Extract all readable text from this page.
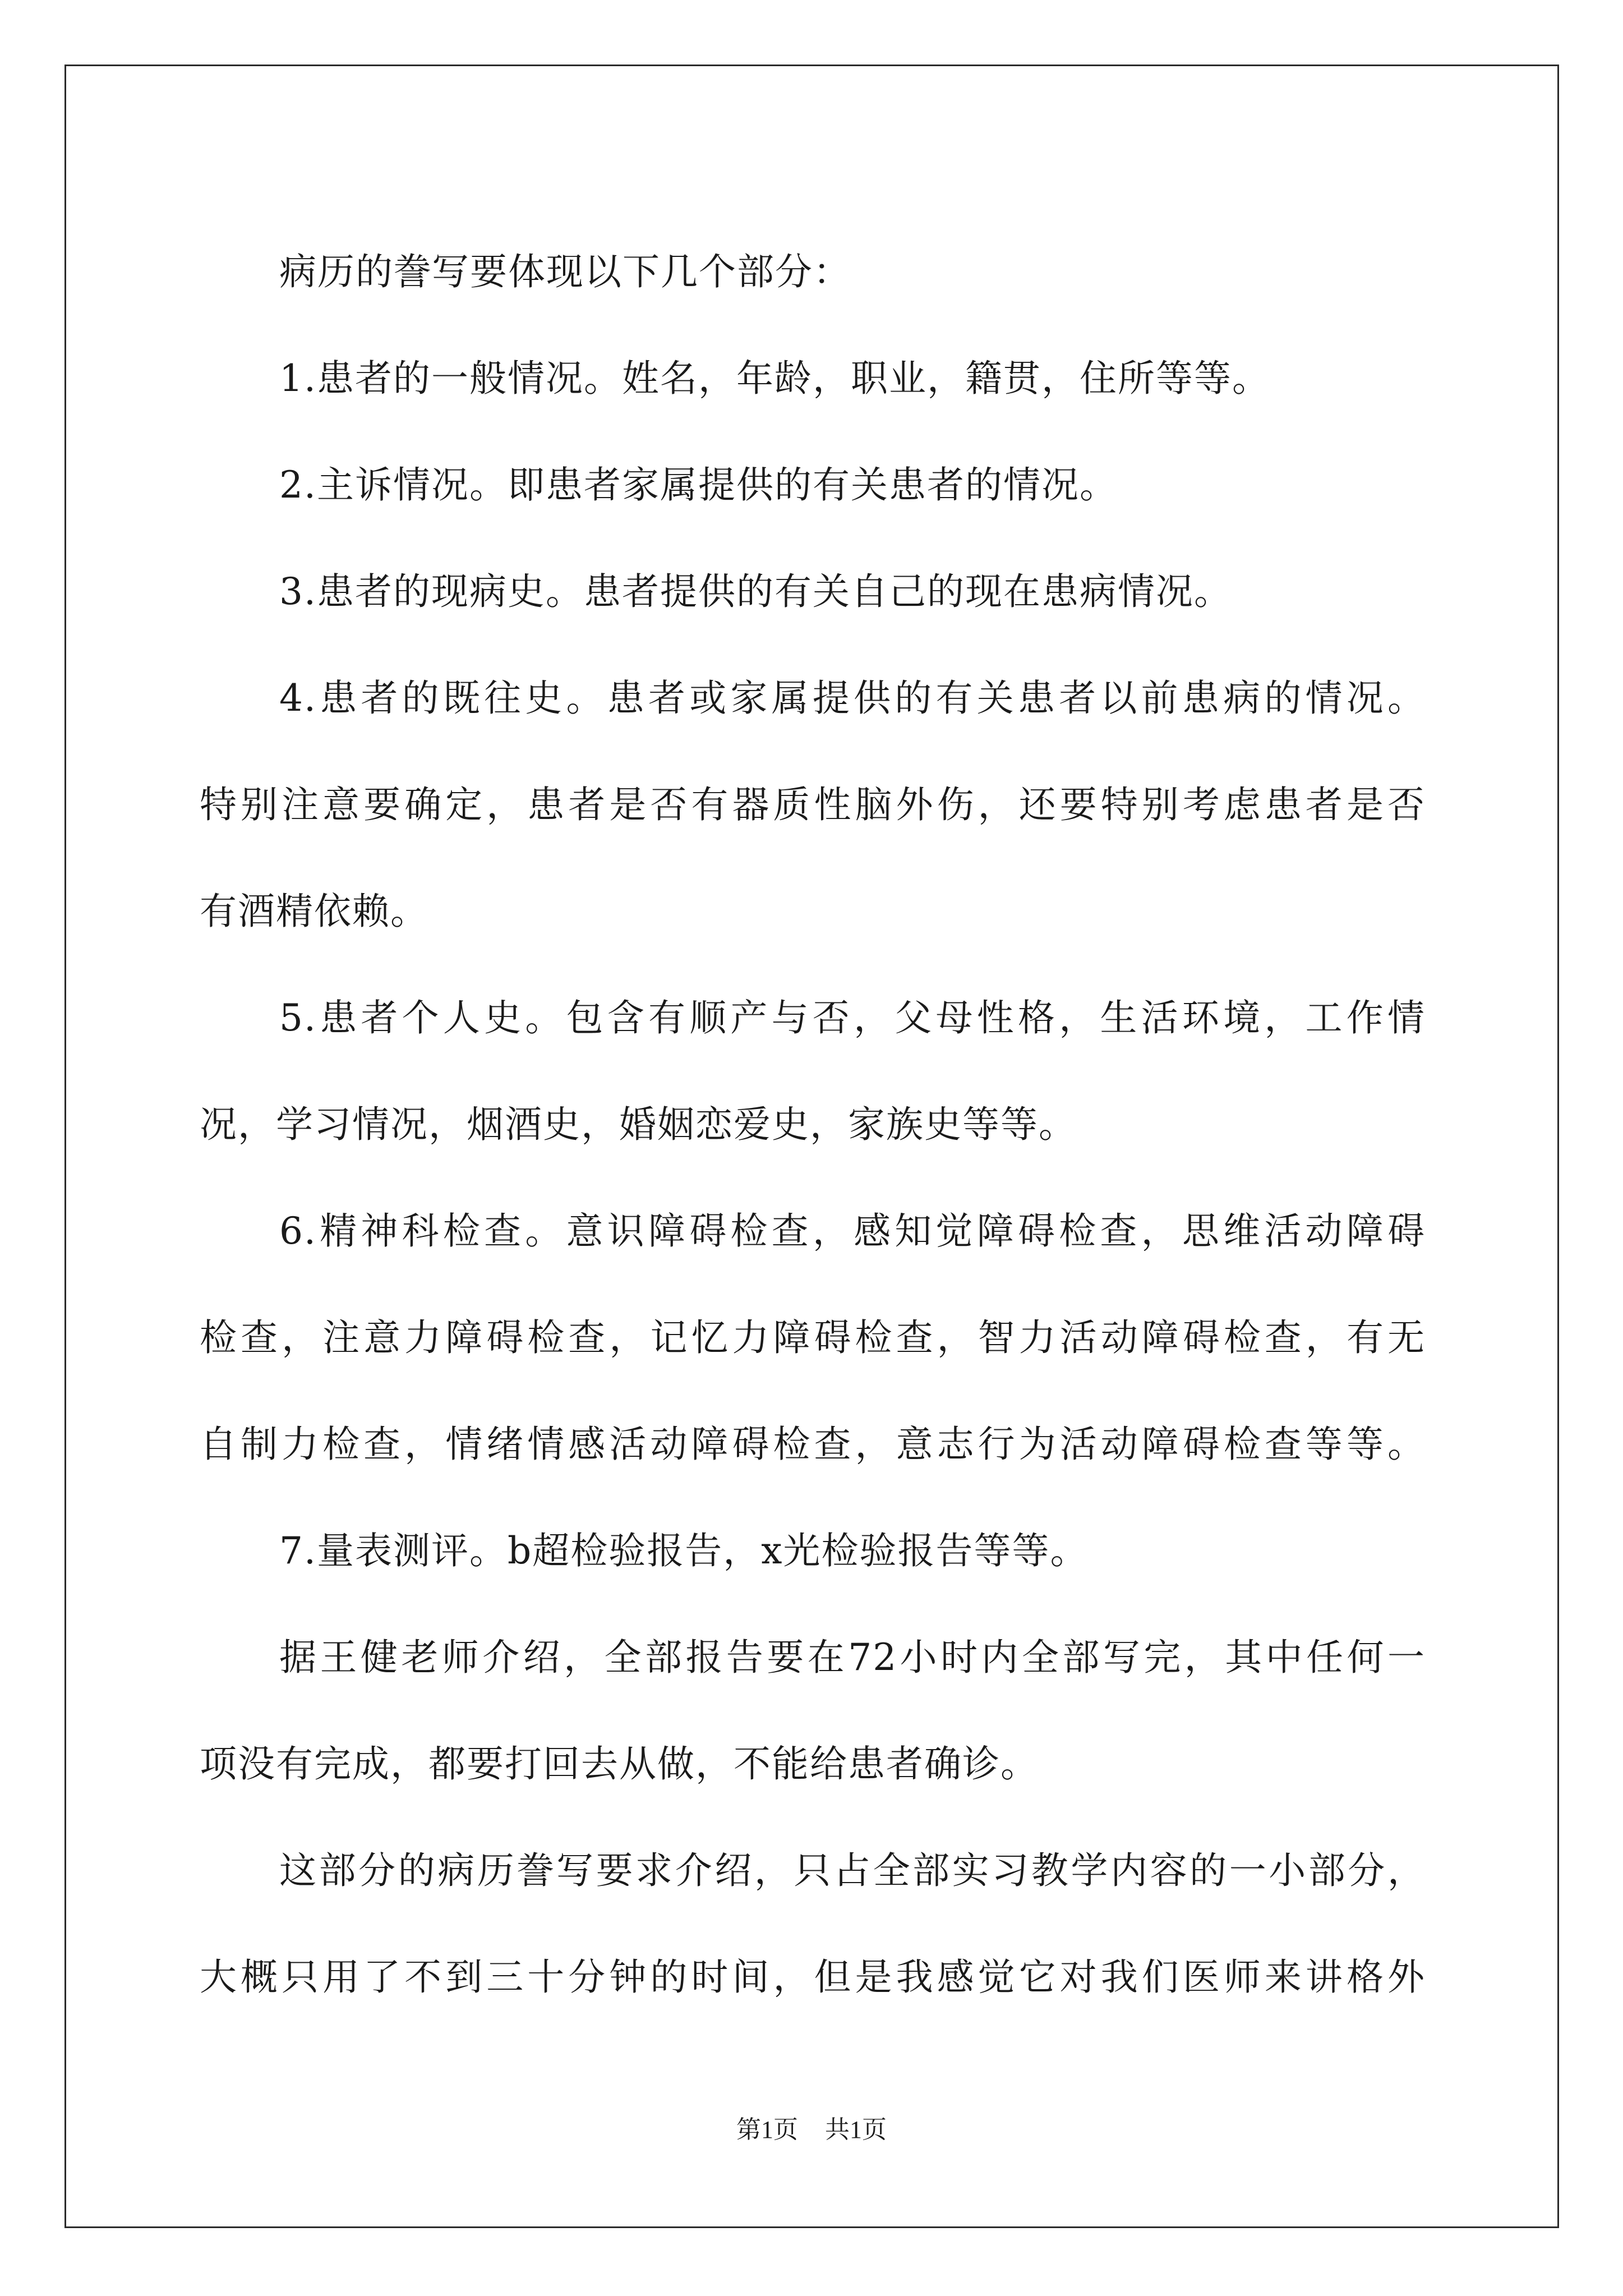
病历的誊写要体现以下几个部分：
1.患者的一般情况。姓名，年龄，职业，籍贯，住所等等。
2.主诉情况。即患者家属提供的有关患者的情况。
3.患者的现病史。患者提供的有关自己的现在患病情况。
4.患者的既往史。患者或家属提供的有关患者以前患病的情况。
特别注意要确定，患者是否有器质性脑外伤，还要特别考虑患者是否
有酒精依赖。
5.患者个人史。包含有顺产与否，父母性格，生活环境，工作情
况，学习情况，烟酒史，婚姻恋爱史，家族史等等。
6.精神科检查。意识障碍检查，感知觉障碍检查，思维活动障碍
检查，注意力障碍检查，记忆力障碍检查，智力活动障碍检查，有无
自制力检查，情绪情感活动障碍检查，意志行为活动障碍检查等等。
7.量表测评。b超检验报告，x光检验报告等等。
据王健老师介绍，全部报告要在72小时内全部写完，其中任何一
项没有完成，都要打回去从做，不能给患者确诊。
这部分的病历誊写要求介绍，只占全部实习教学内容的一小部分，
大概只用了不到三十分钟的时间，但是我感觉它对我们医师来讲格外
第1页 共1页
